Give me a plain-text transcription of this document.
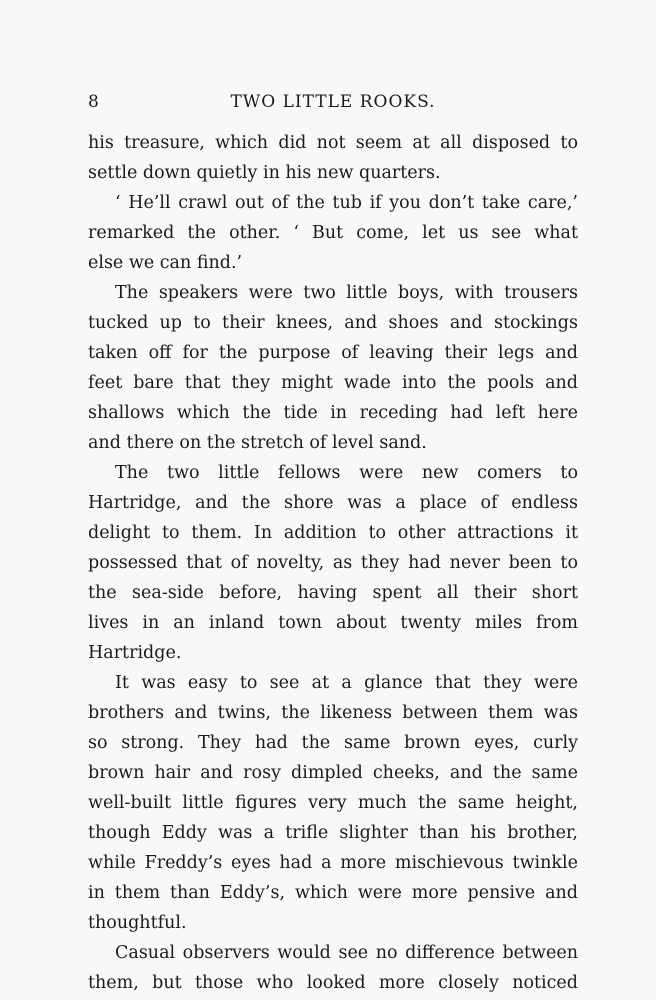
8	TWO LITTLE ROOKS.
his treasure, which did not seem at all disposed to
settle down quietly in his new quarters.
‘ He’ll crawl out of the tub if you don’t take care,’
remarked the other. ‘ But come, let us see what
else we can find.’
The speakers were two little boys, with trousers
tucked up to their knees, and shoes and stockings
taken off for the purpose of leaving their legs and
feet bare that they might wade into the pools and
shallows which the tide in receding had left here
and there on the stretch of level sand.
The two little fellows were new comers to
Hartridge, and the shore was a place of endless
delight to them. In addition to other attractions it
possessed that of novelty, as they had never been to
the sea-side before, having spent all their short
lives in an inland town about twenty miles from
Hartridge.
It was easy to see at a glance that they were
brothers and twins, the likeness between them was
so strong. They had the same brown eyes, curly
brown hair and rosy dimpled cheeks, and the same
well-built little figures very much the same height,
though Eddy was a trifle slighter than his brother,
while Freddy’s eyes had a more mischievous twinkle
in them than Eddy’s, which were more pensive and
thoughtful.
Casual observers would see no difference between
them, but those who looked more closely noticed
